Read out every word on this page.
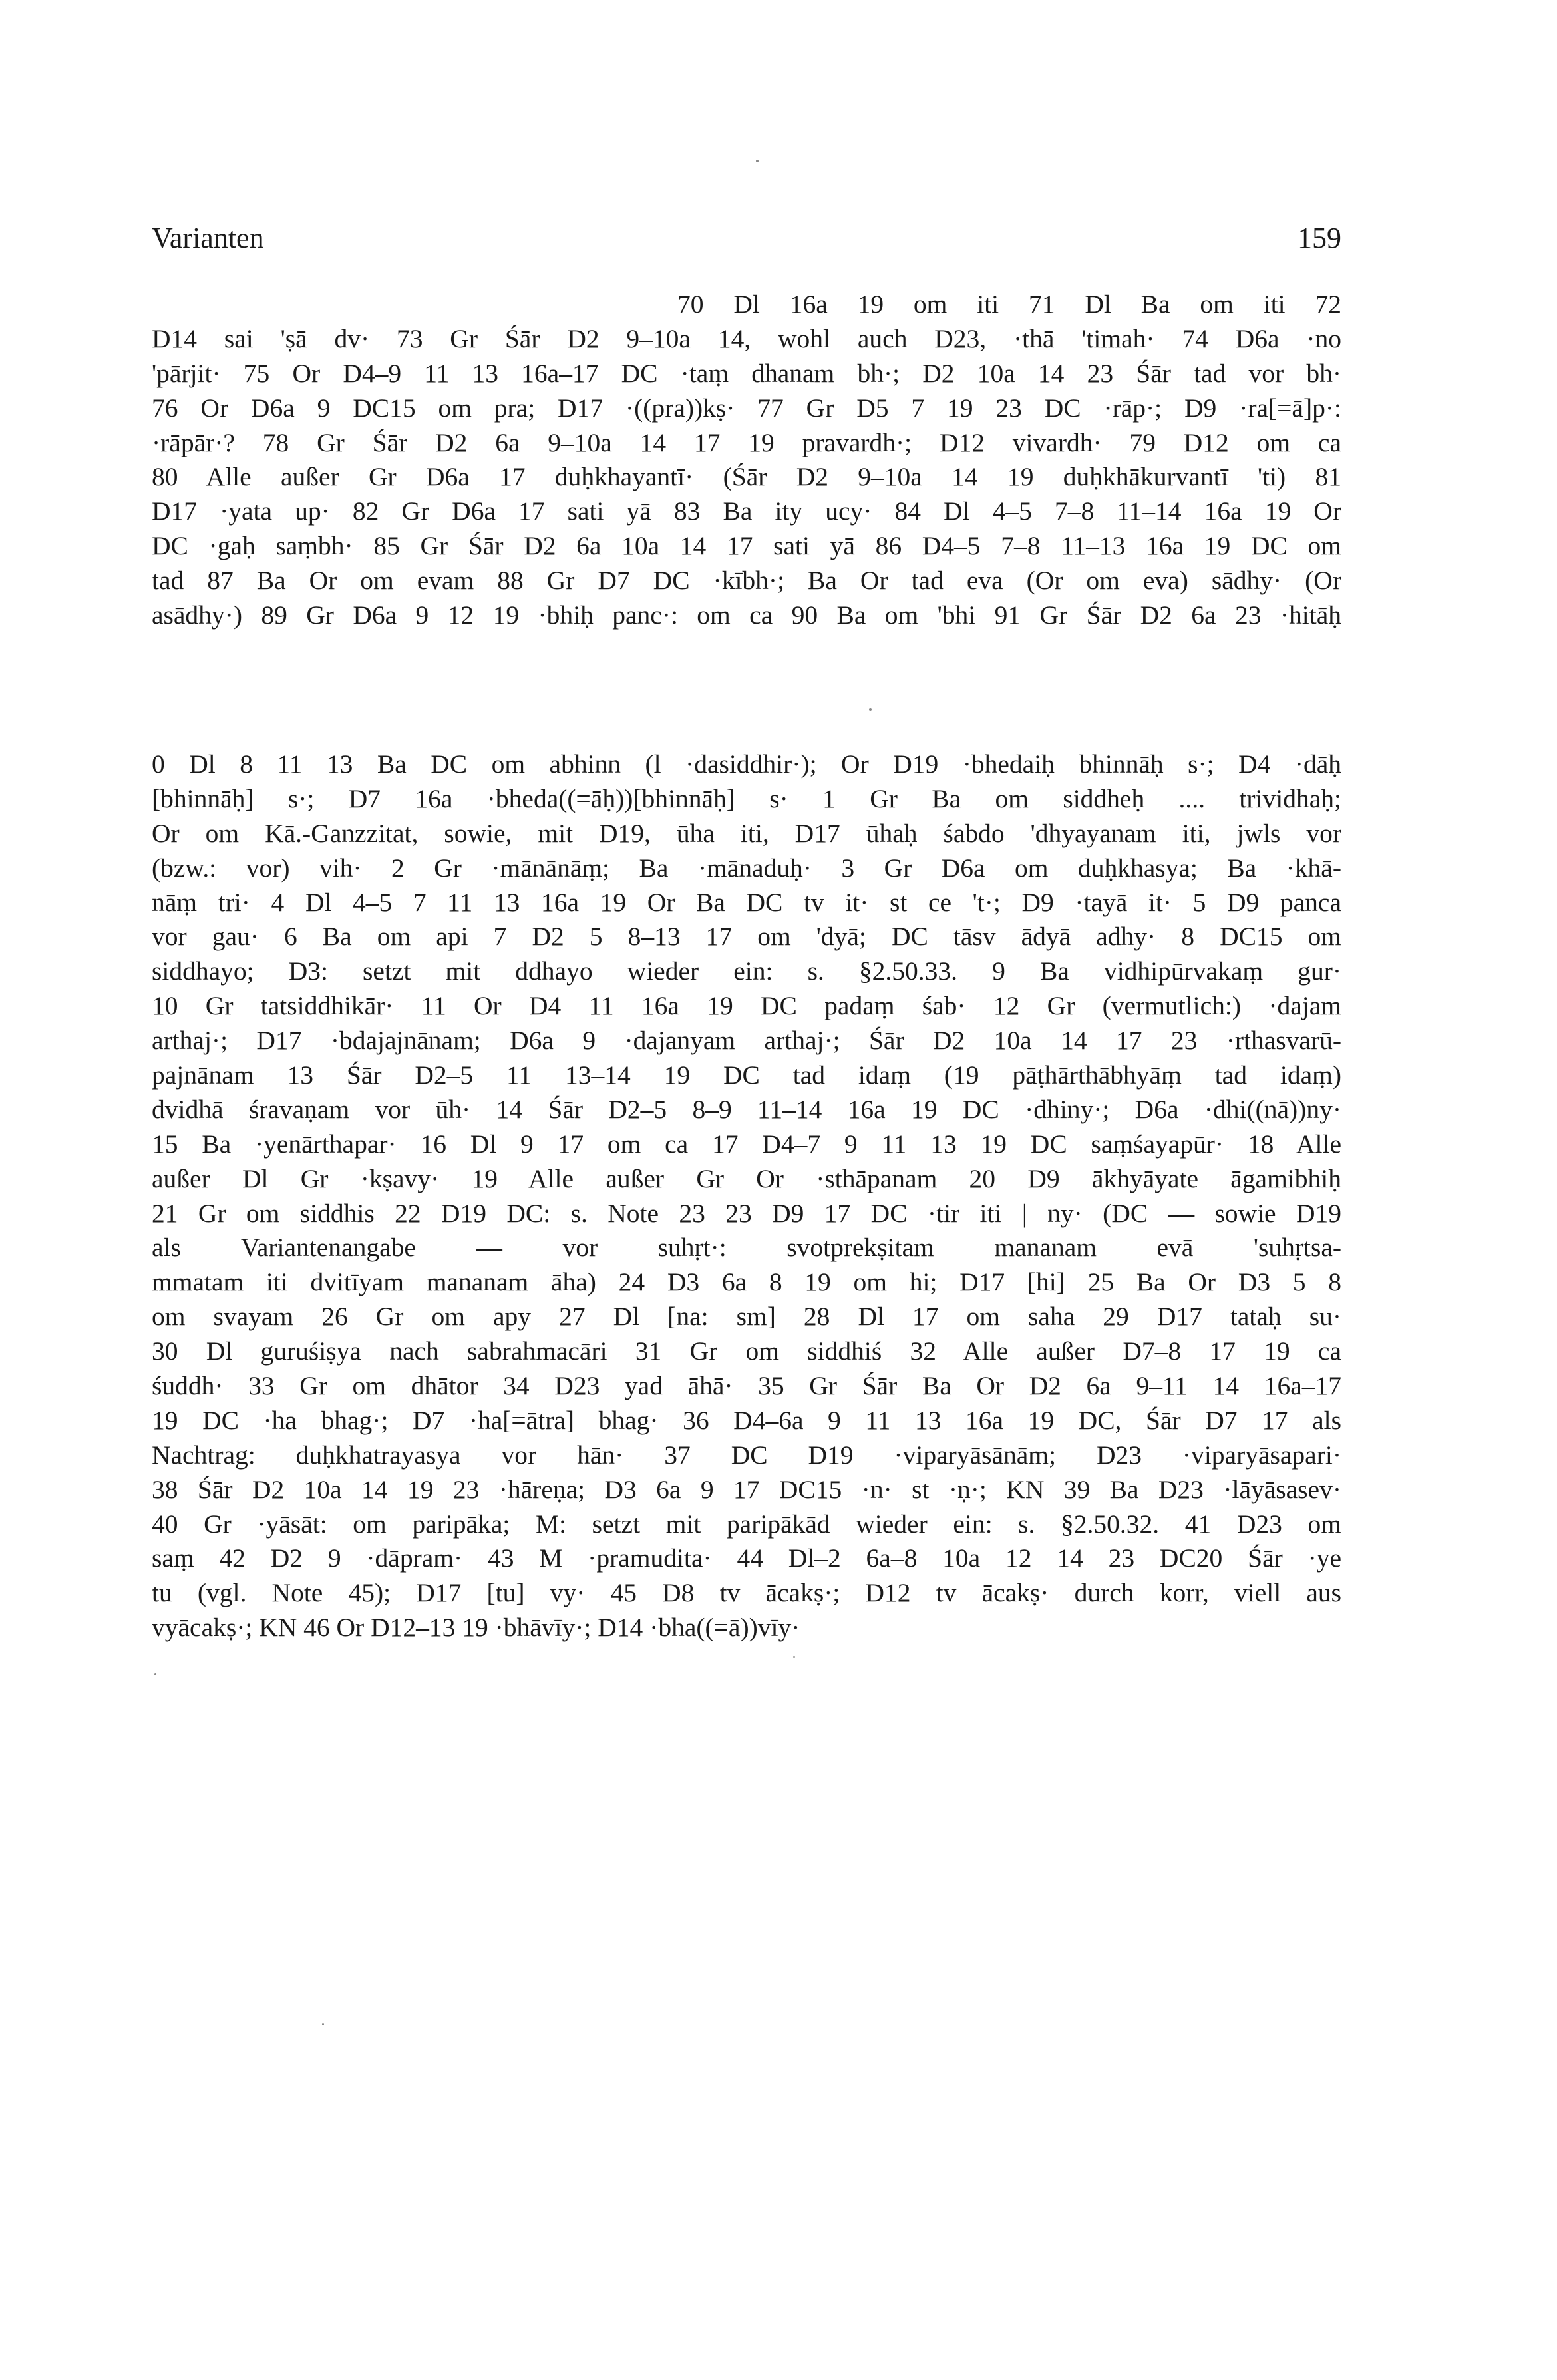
Varianten	159
70 Dl 16a 19 om iti 71 Dl Ba om iti 72
D14 sai 'ṣā dv· 73 Gr Śār D2 9–10a 14, wohl auch D23, ·thā 'timah· 74 D6a ·no
'pārjit· 75 Or D4–9 11 13 16a–17 DC ·taṃ dhanam bh·; D2 10a 14 23 Śār tad vor bh·
76 Or D6a 9 DC15 om pra; D17 ·((pra))kṣ· 77 Gr D5 7 19 23 DC ·rāp·; D9 ·ra[=ā]p·:
·rāpār·? 78 Gr Śār D2 6a 9–10a 14 17 19 pravardh·; D12 vivardh· 79 D12 om ca
80 Alle außer Gr D6a 17 duḥkhayantī· (Śār D2 9–10a 14 19 duḥkhākurvantī 'ti) 81
D17 ·yata up· 82 Gr D6a 17 sati yā 83 Ba ity ucy· 84 Dl 4–5 7–8 11–14 16a 19 Or
DC ·gaḥ saṃbh· 85 Gr Śār D2 6a 10a 14 17 sati yā 86 D4–5 7–8 11–13 16a 19 DC om
tad 87 Ba Or om evam 88 Gr D7 DC ·kībh·; Ba Or tad eva (Or om eva) sādhy· (Or
asādhy·) 89 Gr D6a 9 12 19 ·bhiḥ panc·: om ca 90 Ba om 'bhi 91 Gr Śār D2 6a 23 ·hitāḥ
0 Dl 8 11 13 Ba DC om abhinn (l ·dasiddhir·); Or D19 ·bhedaiḥ bhinnāḥ s·; D4 ·dāḥ
[bhinnāḥ] s·; D7 16a ·bheda((=āḥ))[bhinnāḥ] s· 1 Gr Ba om siddheḥ .... trividhaḥ;
Or om Kā.-Ganzzitat, sowie, mit D19, ūha iti, D17 ūhaḥ śabdo 'dhyayanam iti, jwls vor
(bzw.: vor) vih· 2 Gr ·mānānāṃ; Ba ·mānaduḥ· 3 Gr D6a om duḥkhasya; Ba ·khā-
nāṃ tri· 4 Dl 4–5 7 11 13 16a 19 Or Ba DC tv it· st ce 't·; D9 ·tayā it· 5 D9 panca
vor gau· 6 Ba om api 7 D2 5 8–13 17 om 'dyā; DC tāsv ādyā adhy· 8 DC15 om
siddhayo; D3: setzt mit ddhayo wieder ein: s. §2.50.33. 9 Ba vidhipūrvakaṃ gur·
10 Gr tatsiddhikār· 11 Or D4 11 16a 19 DC padaṃ śab· 12 Gr (vermutlich:) ·dajam
arthaj·; D17 ·bdajajnānam; D6a 9 ·dajanyam arthaj·; Śār D2 10a 14 17 23 ·rthasvarū-
pajnānam 13 Śār D2–5 11 13–14 19 DC tad idaṃ (19 pāṭhārthābhyāṃ tad idaṃ)
dvidhā śravaṇam vor ūh· 14 Śār D2–5 8–9 11–14 16a 19 DC ·dhiny·; D6a ·dhi((nā))ny·
15 Ba ·yenārthapar· 16 Dl 9 17 om ca 17 D4–7 9 11 13 19 DC saṃśayapūr· 18 Alle
außer Dl Gr ·kṣavy· 19 Alle außer Gr Or ·sthāpanam 20 D9 ākhyāyate āgamibhiḥ
21 Gr om siddhis 22 D19 DC: s. Note 23 23 D9 17 DC ·tir iti | ny· (DC — sowie D19
als Variantenangabe — vor suhṛt·: svotprekṣitam mananam evā 'suhṛtsa-
mmatam iti dvitīyam mananam āha) 24 D3 6a 8 19 om hi; D17 [hi] 25 Ba Or D3 5 8
om svayam 26 Gr om apy 27 Dl [na: sm] 28 Dl 17 om saha 29 D17 tataḥ su·
30 Dl guruśiṣya nach sabrahmacāri 31 Gr om siddhiś 32 Alle außer D7–8 17 19 ca
śuddh· 33 Gr om dhātor 34 D23 yad āhā· 35 Gr Śār Ba Or D2 6a 9–11 14 16a–17
19 DC ·ha bhag·; D7 ·ha[=ātra] bhag· 36 D4–6a 9 11 13 16a 19 DC, Śār D7 17 als
Nachtrag: duḥkhatrayasya vor hān· 37 DC D19 ·viparyāsānām; D23 ·viparyāsapari·
38 Śār D2 10a 14 19 23 ·hāreṇa; D3 6a 9 17 DC15 ·n· st ·ṇ·; KN 39 Ba D23 ·lāyāsasev·
40 Gr ·yāsāt: om paripāka; M: setzt mit paripākād wieder ein: s. §2.50.32. 41 D23 om
saṃ 42 D2 9 ·dāpram· 43 M ·pramudita· 44 Dl–2 6a–8 10a 12 14 23 DC20 Śār ·ye
tu (vgl. Note 45); D17 [tu] vy· 45 D8 tv ācakṣ·; D12 tv ācakṣ· durch korr, viell aus
vyācakṣ·; KN 46 Or D12–13 19 ·bhāvīy·; D14 ·bha((=ā))vīy·
